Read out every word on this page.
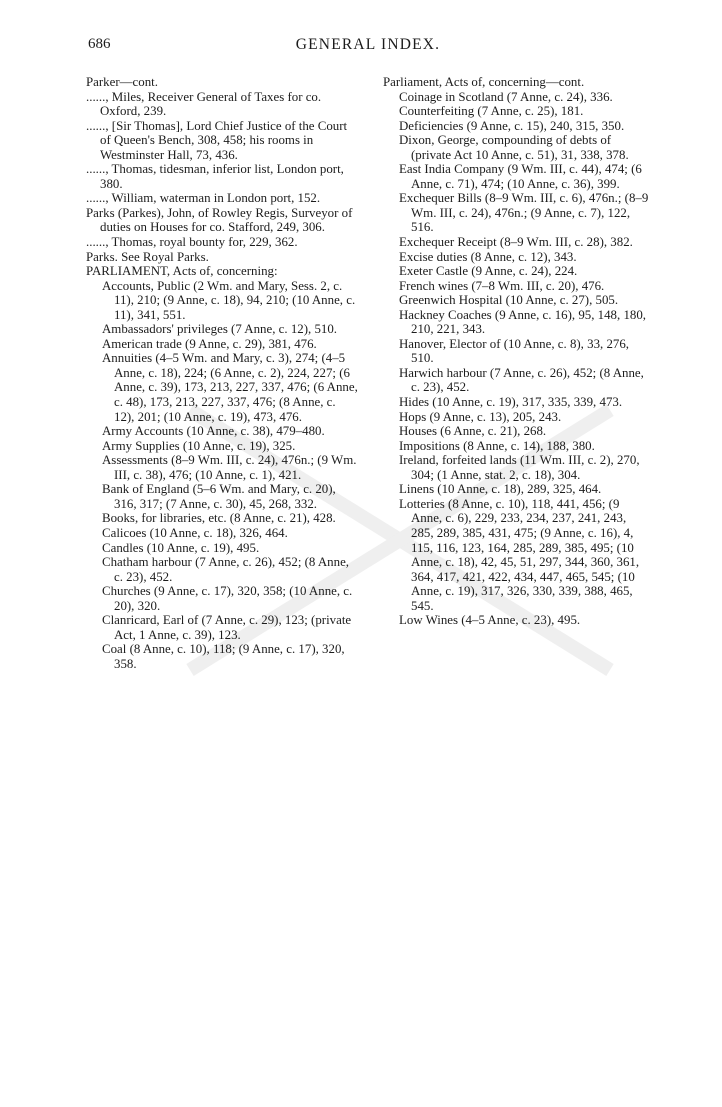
686	GENERAL INDEX.

Parker—cont.

......, Miles, Receiver General of Taxes for co. Oxford, 239.

......, [Sir Thomas], Lord Chief Justice of the Court of Queen's Bench, 308, 458; his rooms in Westminster Hall, 73, 436.

......, Thomas, tidesman, inferior list, London port, 380.

......, William, waterman in London port, 152.

Parks (Parkes), John, of Rowley Regis, Surveyor of duties on Houses for co. Stafford, 249, 306.

......, Thomas, royal bounty for, 229, 362.

Parks. See Royal Parks.

PARLIAMENT, Acts of, concerning:

Accounts, Public (2 Wm. and Mary, Sess. 2, c. 11), 210; (9 Anne, c. 18), 94, 210; (10 Anne, c. 11), 341, 551.

Ambassadors' privileges (7 Anne, c. 12), 510.

American trade (9 Anne, c. 29), 381, 476.

Annuities (4–5 Wm. and Mary, c. 3), 274; (4–5 Anne, c. 18), 224; (6 Anne, c. 2), 224, 227; (6 Anne, c. 39), 173, 213, 227, 337, 476; (6 Anne, c. 48), 173, 213, 227, 337, 476; (8 Anne, c. 12), 201; (10 Anne, c. 19), 473, 476.

Army Accounts (10 Anne, c. 38), 479–480.

Army Supplies (10 Anne, c. 19), 325.

Assessments (8–9 Wm. III, c. 24), 476n.; (9 Wm. III, c. 38), 476; (10 Anne, c. 1), 421.

Bank of England (5–6 Wm. and Mary, c. 20), 316, 317; (7 Anne, c. 30), 45, 268, 332.

Books, for libraries, etc. (8 Anne, c. 21), 428.

Calicoes (10 Anne, c. 18), 326, 464.

Candles (10 Anne, c. 19), 495.

Chatham harbour (7 Anne, c. 26), 452; (8 Anne, c. 23), 452.

Churches (9 Anne, c. 17), 320, 358; (10 Anne, c. 20), 320.

Clanricard, Earl of (7 Anne, c. 29), 123; (private Act, 1 Anne, c. 39), 123.

Coal (8 Anne, c. 10), 118; (9 Anne, c. 17), 320, 358.

Parliament, Acts of, concerning—cont.

Coinage in Scotland (7 Anne, c. 24), 336.

Counterfeiting (7 Anne, c. 25), 181.

Deficiencies (9 Anne, c. 15), 240, 315, 350.

Dixon, George, compounding of debts of (private Act 10 Anne, c. 51), 31, 338, 378.

East India Company (9 Wm. III, c. 44), 474; (6 Anne, c. 71), 474; (10 Anne, c. 36), 399.

Exchequer Bills (8–9 Wm. III, c. 6), 476n.; (8–9 Wm. III, c. 24), 476n.; (9 Anne, c. 7), 122, 516.

Exchequer Receipt (8–9 Wm. III, c. 28), 382.

Excise duties (8 Anne, c. 12), 343.

Exeter Castle (9 Anne, c. 24), 224.

French wines (7–8 Wm. III, c. 20), 476.

Greenwich Hospital (10 Anne, c. 27), 505.

Hackney Coaches (9 Anne, c. 16), 95, 148, 180, 210, 221, 343.

Hanover, Elector of (10 Anne, c. 8), 33, 276, 510.

Harwich harbour (7 Anne, c. 26), 452; (8 Anne, c. 23), 452.

Hides (10 Anne, c. 19), 317, 335, 339, 473.

Hops (9 Anne, c. 13), 205, 243.

Houses (6 Anne, c. 21), 268.

Impositions (8 Anne, c. 14), 188, 380.

Ireland, forfeited lands (11 Wm. III, c. 2), 270, 304; (1 Anne, stat. 2, c. 18), 304.

Linens (10 Anne, c. 18), 289, 325, 464.

Lotteries (8 Anne, c. 10), 118, 441, 456; (9 Anne, c. 6), 229, 233, 234, 237, 241, 243, 285, 289, 385, 431, 475; (9 Anne, c. 16), 4, 115, 116, 123, 164, 285, 289, 385, 495; (10 Anne, c. 18), 42, 45, 51, 297, 344, 360, 361, 364, 417, 421, 422, 434, 447, 465, 545; (10 Anne, c. 19), 317, 326, 330, 339, 388, 465, 545.

Low Wines (4–5 Anne, c. 23), 495.
